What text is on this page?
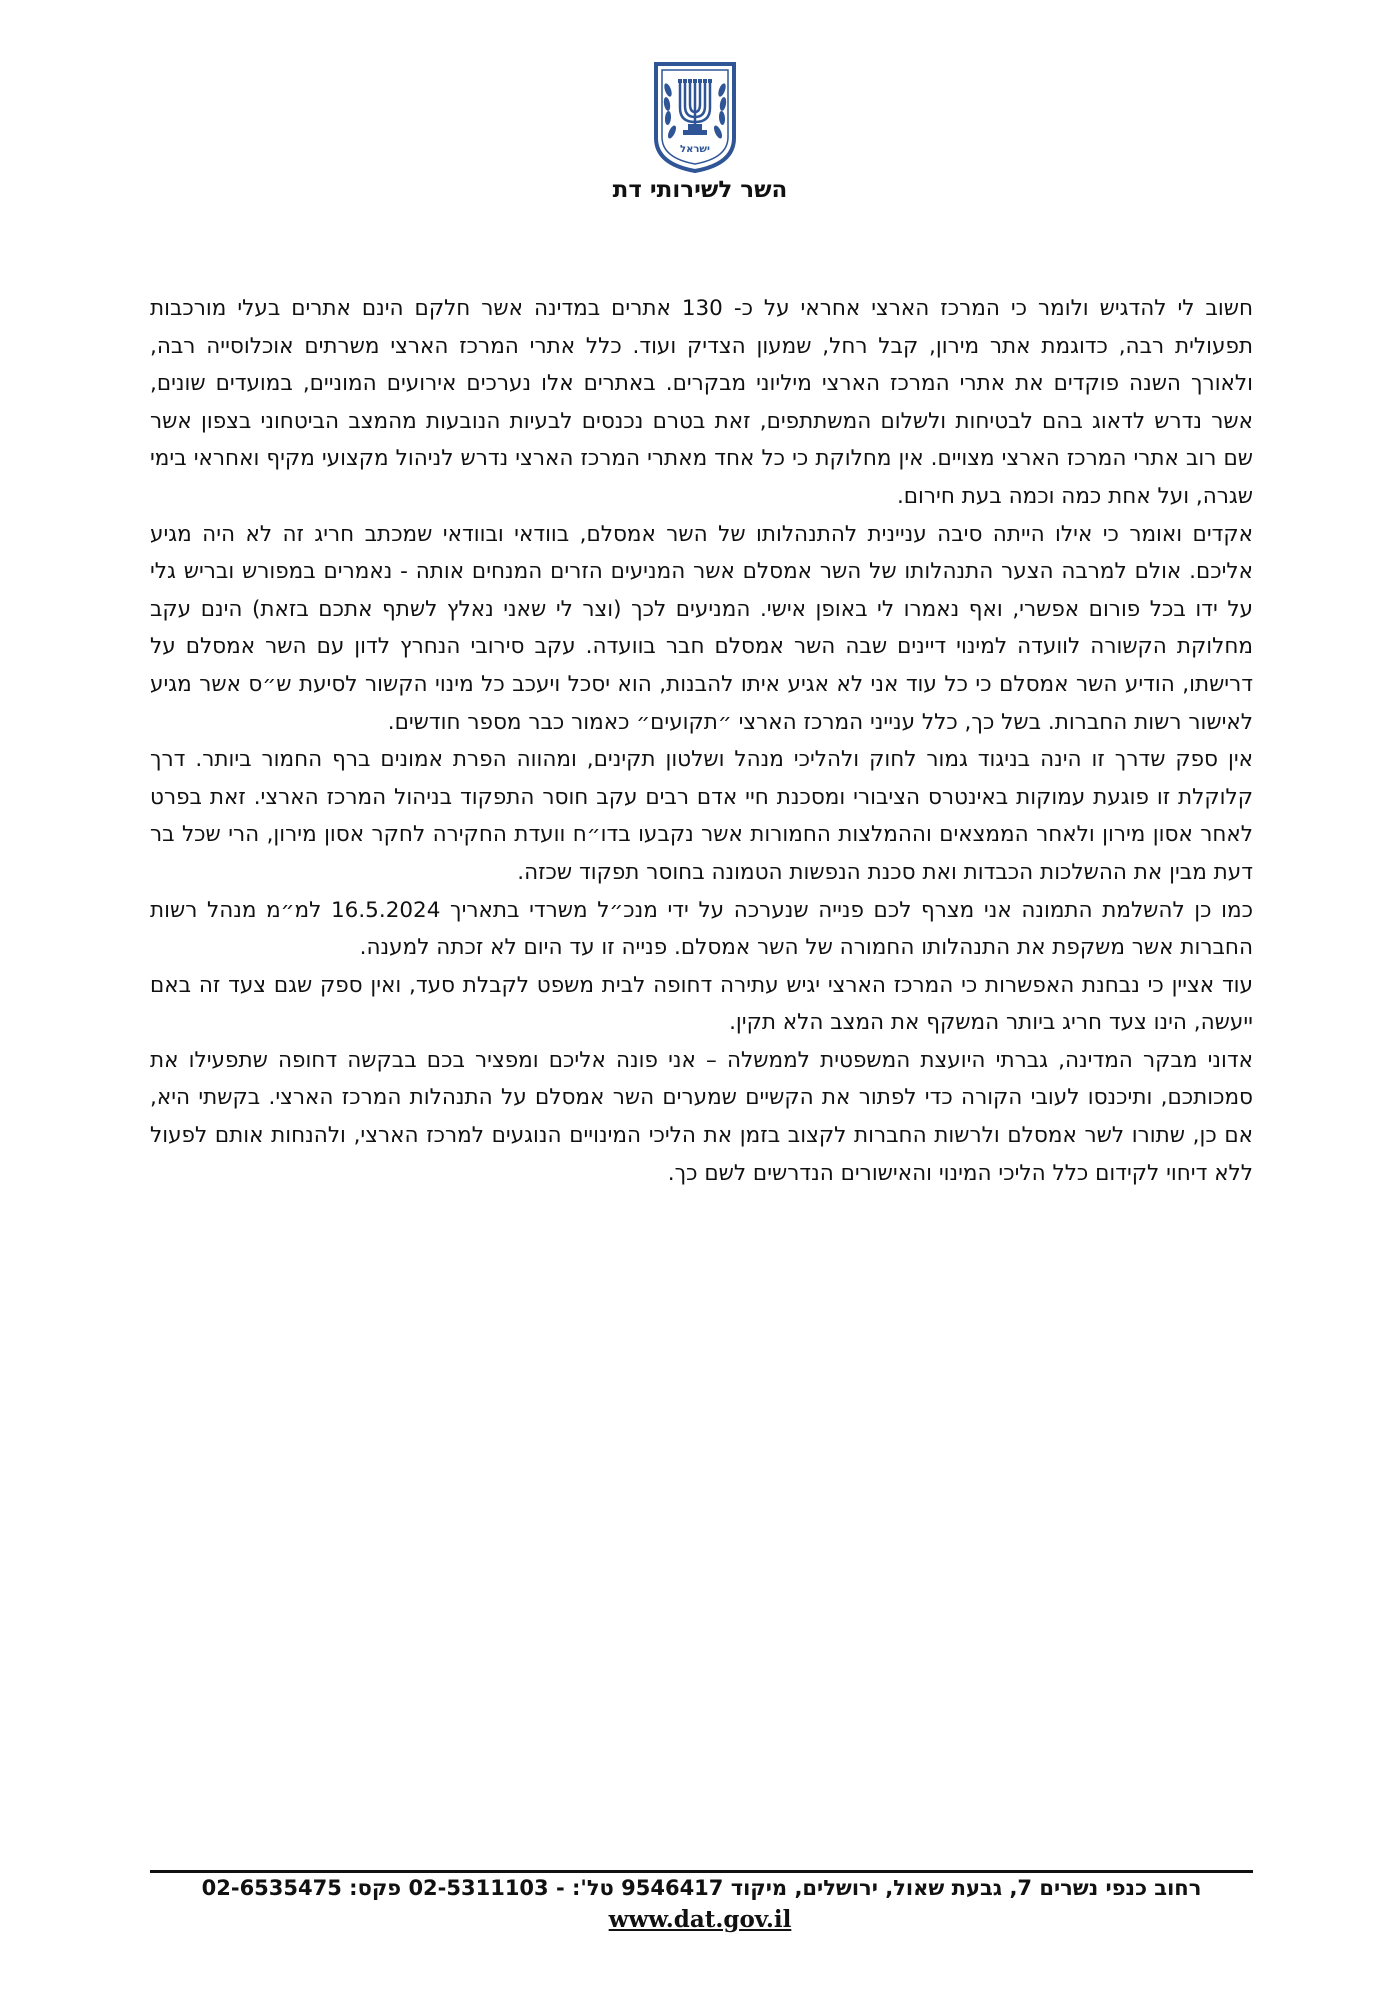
ישראל
השר לשירותי דת

חשוב לי להדגיש ולומר כי המרכז הארצי אחראי על כ- 130 אתרים במדינה אשר חלקם הינם אתרים בעלי מורכבות תפעולית רבה, כדוגמת אתר מירון, קבל רחל, שמעון הצדיק ועוד. כלל אתרי המרכז הארצי משרתים אוכלוסייה רבה, ולאורך השנה פוקדים את אתרי המרכז הארצי מיליוני מבקרים. באתרים אלו נערכים אירועים המוניים, במועדים שונים, אשר נדרש לדאוג בהם לבטיחות ולשלום המשתתפים, זאת בטרם נכנסים לבעיות הנובעות מהמצב הביטחוני בצפון אשר שם רוב אתרי המרכז הארצי מצויים. אין מחלוקת כי כל אחד מאתרי המרכז הארצי נדרש לניהול מקצועי מקיף ואחראי בימי שגרה, ועל אחת כמה וכמה בעת חירום.

אקדים ואומר כי אילו הייתה סיבה עניינית להתנהלותו של השר אמסלם, בוודאי ובוודאי שמכתב חריג זה לא היה מגיע אליכם. אולם למרבה הצער התנהלותו של השר אמסלם אשר המניעים הזרים המנחים אותה - נאמרים במפורש ובריש גלי על ידו בכל פורום אפשרי, ואף נאמרו לי באופן אישי. המניעים לכך (וצר לי שאני נאלץ לשתף אתכם בזאת) הינם עקב מחלוקת הקשורה לוועדה למינוי דיינים שבה השר אמסלם חבר בוועדה. עקב סירובי הנחרץ לדון עם השר אמסלם על דרישתו, הודיע השר אמסלם כי כל עוד אני לא אגיע איתו להבנות, הוא יסכל ויעכב כל מינוי הקשור לסיעת ש״ס אשר מגיע לאישור רשות החברות. בשל כך, כלל ענייני המרכז הארצי ״תקועים״ כאמור כבר מספר חודשים.

אין ספק שדרך זו הינה בניגוד גמור לחוק ולהליכי מנהל ושלטון תקינים, ומהווה הפרת אמונים ברף החמור ביותר. דרך קלוקלת זו פוגעת עמוקות באינטרס הציבורי ומסכנת חיי אדם רבים עקב חוסר התפקוד בניהול המרכז הארצי. זאת בפרט לאחר אסון מירון ולאחר הממצאים וההמלצות החמורות אשר נקבעו בדו״ח וועדת החקירה לחקר אסון מירון, הרי שכל בר דעת מבין את ההשלכות הכבדות ואת סכנת הנפשות הטמונה בחוסר תפקוד שכזה.

כמו כן להשלמת התמונה אני מצרף לכם פנייה שנערכה על ידי מנכ״ל משרדי בתאריך 16.5.2024 למ״מ מנהל רשות החברות אשר משקפת את התנהלותו החמורה של השר אמסלם. פנייה זו עד היום לא זכתה למענה.

עוד אציין כי נבחנת האפשרות כי המרכז הארצי יגיש עתירה דחופה לבית משפט לקבלת סעד, ואין ספק שגם צעד זה באם ייעשה, הינו צעד חריג ביותר המשקף את המצב הלא תקין.

אדוני מבקר המדינה, גברתי היועצת המשפטית לממשלה – אני פונה אליכם ומפציר בכם בבקשה דחופה שתפעילו את סמכותכם, ותיכנסו לעובי הקורה כדי לפתור את הקשיים שמערים השר אמסלם על התנהלות המרכז הארצי. בקשתי היא, אם כן, שתורו לשר אמסלם ולרשות החברות לקצוב בזמן את הליכי המינויים הנוגעים למרכז הארצי, ולהנחות אותם לפעול ללא דיחוי לקידום כלל הליכי המינוי והאישורים הנדרשים לשם כך.

רחוב כנפי נשרים 7, גבעת שאול, ירושלים, מיקוד 9546417 טל': - 02-5311103 פקס: 02-6535475
www.dat.gov.il
